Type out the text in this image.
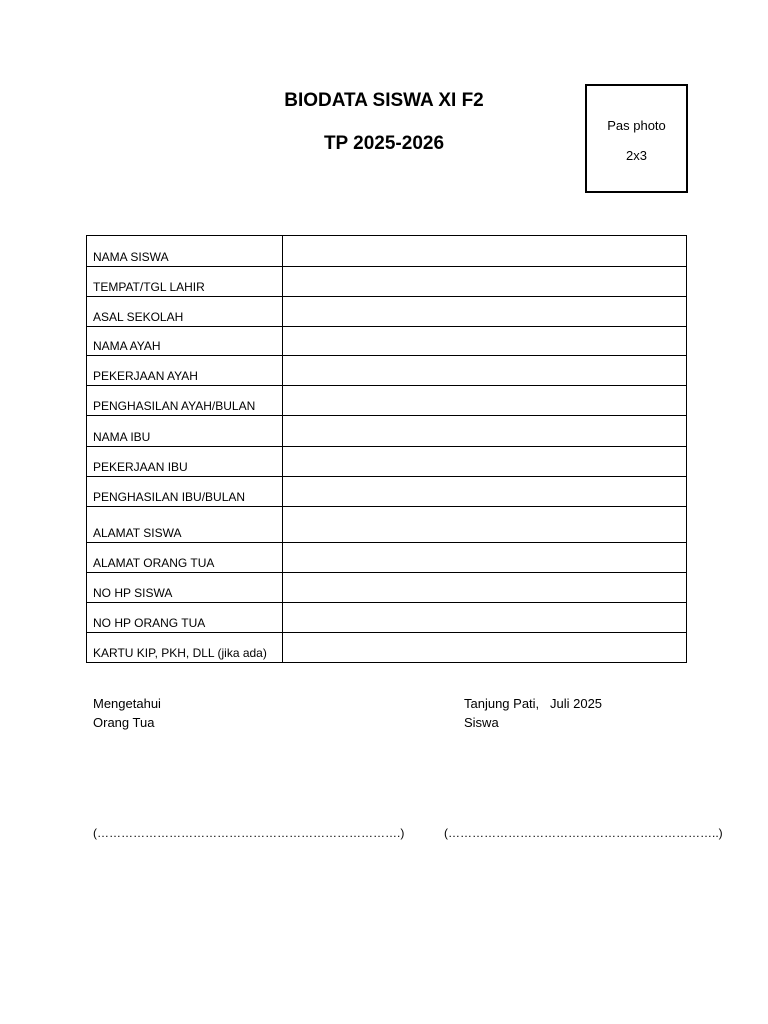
BIODATA SISWA XI F2
TP 2025-2026
Pas photo
2x3
NAMA SISWA	
TEMPAT/TGL LAHIR	
ASAL SEKOLAH	
NAMA AYAH	
PEKERJAAN AYAH	
PENGHASILAN AYAH/BULAN	
NAMA IBU	
PEKERJAAN IBU	
PENGHASILAN IBU/BULAN	
ALAMAT SISWA	
ALAMAT ORANG TUA	
NO HP SISWA	
NO HP ORANG TUA	
KARTU KIP, PKH, DLL (jika ada)	
Mengetahui
Orang Tua
Tanjung Pati,   Juli 2025
Siswa
(………………………………………………………………….)	(…………………………………………………………..)
